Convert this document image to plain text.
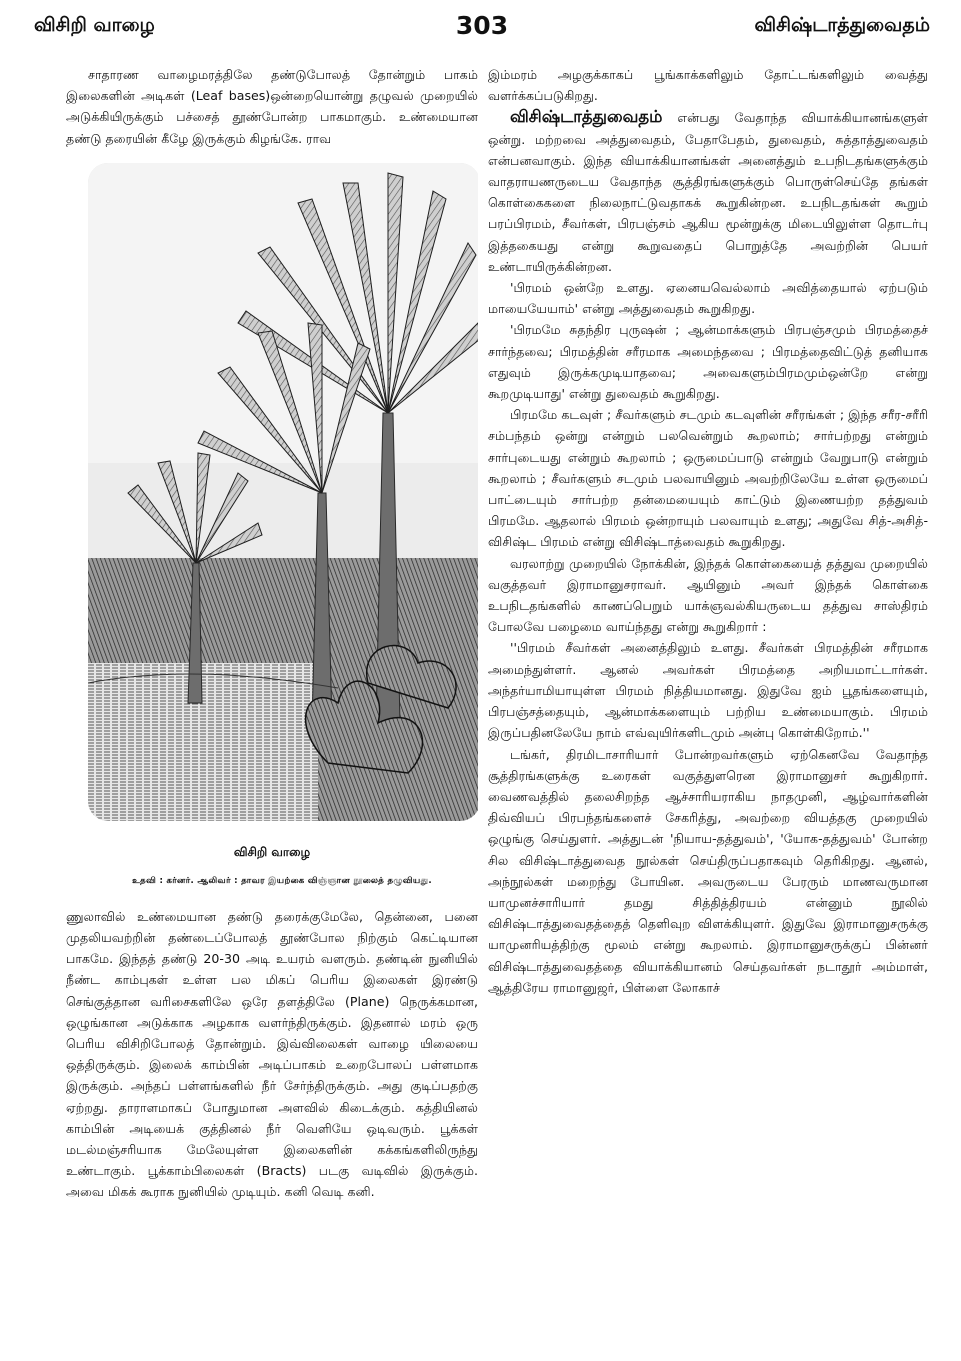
விசிறி வாழை	303	விசிஷ்டாத்துவைதம்

சாதாரண வாழைமரத்திலே தண்டுபோலத் தோன்றும் பாகம் இலைகளின் அடிகள் (Leaf bases)ஒன்றையொன்று தழுவல் முறையில் அடுக்கியிருக்கும் பச்சைத் தூண்போன்ற பாகமாகும். உண்மையான தண்டு தரையின் கீழே இருக்கும் கிழங்கே. ராவ

விசிறி வாழை
உதவி : கர்னர். ஆலிவர் : தாவர இயற்கை விஞ்ஞான நூலைத் தழுவியது.

ணுலாவில் உண்மையான தண்டு தரைக்குமேலே, தென்னை, பனை முதலியவற்றின் தண்டைப்போலத் தூண்போல நிற்கும் கெட்டியான பாகமே. இந்தத் தண்டு 20-30 அடி உயரம் வளரும். தண்டின் நுனியில் நீண்ட காம்புகள் உள்ள பல மிகப் பெரிய இலைகள் இரண்டு செங்குத்தான வரிசைகளிலே ஒரே தளத்திலே (Plane) நெருக்கமான, ஒழுங்கான அடுக்காக அழகாக வளர்ந்திருக்கும். இதனால் மரம் ஒரு பெரிய விசிறிபோலத் தோன்றும். இவ்விலைகள் வாழை யிலையை ஒத்திருக்கும். இலைக் காம்பின் அடிப்பாகம் உறைபோலப் பள்ளமாக இருக்கும். அந்தப் பள்ளங்களில் நீர் சேர்ந்திருக்கும். அது குடிப்பதற்கு ஏற்றது. தாராளமாகப் போதுமான அளவில் கிடைக்கும். கத்தியினல் காம்பின் அடியைக் குத்தினல் நீர் வெளியே ஒடிவரும். பூக்கள் மடல்மஞ்சரியாக மேலேயுள்ள இலைகளின் கக்கங்களிலிருந்து உண்டாகும். பூக்காம்பிலைகள் (Bracts) படகு வடிவில் இருக்கும். அவை மிகக் கூராக நுனியில் முடியும். கனி வெடி கனி.

இம்மரம் அழகுக்காகப் பூங்காக்களிலும் தோட்டங்களிலும் வைத்து வளர்க்கப்படுகிறது.

விசிஷ்டாத்துவைதம் என்பது வேதாந்த வியாக்கியானங்களுள் ஒன்று. மற்றவை அத்துவைதம், பேதாபேதம், துவைதம், சுத்தாத்துவைதம் என்பனவாகும். இந்த வியாக்கியானங்கள் அனைத்தும் உபநிடதங்களுக்கும் வாதராயணருடைய வேதாந்த சூத்திரங்களுக்கும் பொருள்செய்தே தங்கள் கொள்கைகளை நிலைநாட்டுவதாகக் கூறுகின்றன. உபநிடதங்கள் கூறும் பரப்பிரமம், சீவர்கள், பிரபஞ்சம் ஆகிய மூன்றுக்கு மிடையிலுள்ள தொடர்பு இத்தகையது என்று கூறுவதைப் பொறுத்தே அவற்றின் பெயர் உண்டாயிருக்கின்றன.

'பிரமம் ஒன்றே உளது. ஏனையவெல்லாம் அவித்தையால் ஏற்படும் மாயையேயாம்' என்று அத்துவைதம் கூறுகிறது.

'பிரமமே சுதந்திர புருஷன் ; ஆன்மாக்களும் பிரபஞ்சமும் பிரமத்தைச் சார்ந்தவை; பிரமத்தின் சரீரமாக அமைந்தவை ; பிரமத்தைவிட்டுத் தனியாக எதுவும் இருக்கமுடியாதவை; அவைகளும்பிரமமும்ஒன்றே என்று கூறமுடியாது' என்று துவைதம் கூறுகிறது.

பிரமமே கடவுள் ; சீவர்களும் சடமும் கடவுளின் சரீரங்கள் ; இந்த சரீர-சரீரி சம்பந்தம் ஒன்று என்றும் பலவென்றும் கூறலாம்; சார்பற்றது என்றும் சார்புடையது என்றும் கூறலாம் ; ஒருமைப்பாடு என்றும் வேறுபாடு என்றும் கூறலாம் ; சீவர்களும் சடமும் பலவாயினும் அவற்றிலேயே உள்ள ஒருமைப் பாட்டையும் சார்பற்ற தன்மையையும் காட்டும் இணையற்ற தத்துவம் பிரமமே. ஆதலால் பிரமம் ஒன்றாயும் பலவாயும் உளது; அதுவே சித்-அசித்-விசிஷ்ட பிரமம் என்று விசிஷ்டாத்வைதம் கூறுகிறது.

வரலாற்று முறையில் நோக்கின், இந்தக் கொள்கையைத் தத்துவ முறையில் வகுத்தவர் இராமானுசராவர். ஆயினும் அவர் இந்தக் கொள்கை உபநிடதங்களில் காணப்பெறும் யாக்ஞவல்கியருடைய தத்துவ சாஸ்திரம் போலவே பழைமை வாய்ந்தது என்று கூறுகிறார் :

''பிரமம் சீவர்கள் அனைத்திலும் உளது. சீவர்கள் பிரமத்தின் சரீரமாக அமைந்துள்ளர். ஆனல் அவர்கள் பிரமத்தை அறியமாட்டார்கள். அந்தர்யாமியாயுள்ள பிரமம் நித்தியமானது. இதுவே ஐம் பூதங்களையும், பிரபஞ்சத்தையும், ஆன்மாக்களையும் பற்றிய உண்மையாகும். பிரமம் இருப்பதினலேயே நாம் எவ்வுயிர்களிடமும் அன்பு கொள்கிறோம்.''

டங்கர், திரமிடாசாரியார் போன்றவர்களும் ஏற்கெனவே வேதாந்த சூத்திரங்களுக்கு உரைகள் வகுத்துளரென இராமானுசர் கூறுகிறார். வைணவத்தில் தலைசிறந்த ஆச்சாரியராகிய நாதமுனி, ஆழ்வார்களின் திவ்வியப் பிரபந்தங்களைச் சேகரித்து, அவற்றை வியத்தகு முறையில் ஒழுங்கு செய்துளர். அத்துடன் 'நியாய-தத்துவம்', 'யோக-தத்துவம்' போன்ற சில விசிஷ்டாத்துவைத நூல்கள் செய்திருப்பதாகவும் தெரிகிறது. ஆனல், அந்நூல்கள் மறைந்து போயின. அவருடைய பேரரும் மாணவருமான யாமுனச்சாரியார் தமது சித்தித்திரயம் என்னும் நூலில் விசிஷ்டாத்துவைதத்தைத் தெளிவுற விளக்கியுளர். இதுவே இராமானுசருக்கு யாமுனரியத்திற்கு மூலம் என்று கூறலாம். இராமானுசருக்குப் பின்னர் விசிஷ்டாத்துவைதத்தை வியாக்கியானம் செய்தவர்கள் நடாதூர் அம்மாள், ஆத்திரேய ராமானுஜர், பிள்ளை லோகாச்
